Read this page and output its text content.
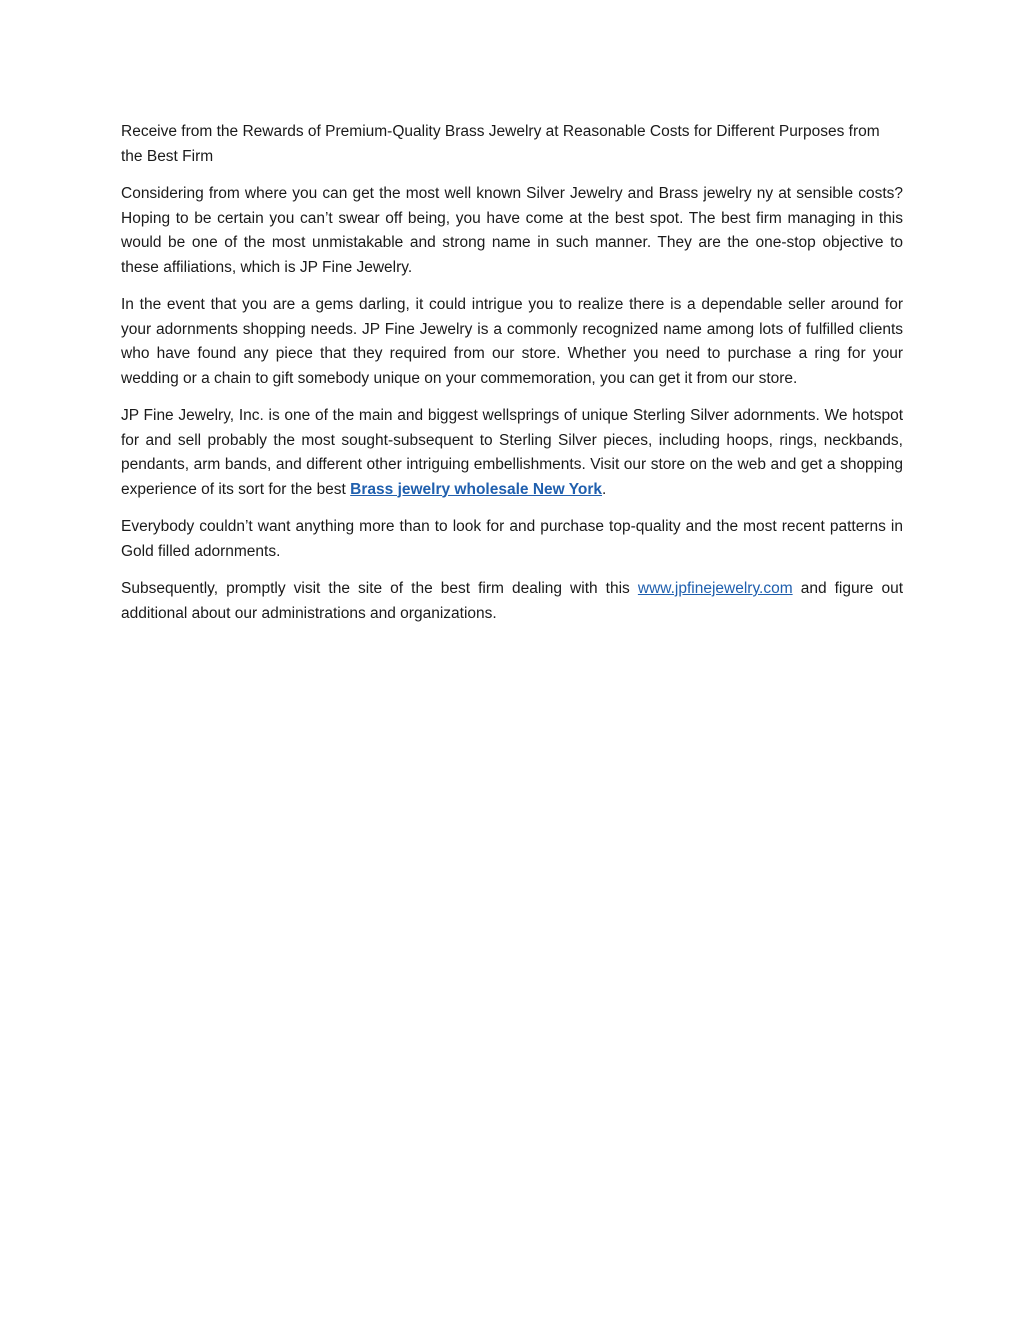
Receive from the Rewards of Premium-Quality Brass Jewelry at Reasonable Costs for Different Purposes from the Best Firm

Considering from where you can get the most well known Silver Jewelry and Brass jewelry ny at sensible costs? Hoping to be certain you can’t swear off being, you have come at the best spot. The best firm managing in this would be one of the most unmistakable and strong name in such manner. They are the one-stop objective to these affiliations, which is JP Fine Jewelry.

In the event that you are a gems darling, it could intrigue you to realize there is a dependable seller around for your adornments shopping needs. JP Fine Jewelry is a commonly recognized name among lots of fulfilled clients who have found any piece that they required from our store. Whether you need to purchase a ring for your wedding or a chain to gift somebody unique on your commemoration, you can get it from our store.

JP Fine Jewelry, Inc. is one of the main and biggest wellsprings of unique Sterling Silver adornments. We hotspot for and sell probably the most sought-subsequent to Sterling Silver pieces, including hoops, rings, neckbands, pendants, arm bands, and different other intriguing embellishments. Visit our store on the web and get a shopping experience of its sort for the best Brass jewelry wholesale New York.

Everybody couldn’t want anything more than to look for and purchase top-quality and the most recent patterns in Gold filled adornments.

Subsequently, promptly visit the site of the best firm dealing with this www.jpfinejewelry.com and figure out additional about our administrations and organizations.
